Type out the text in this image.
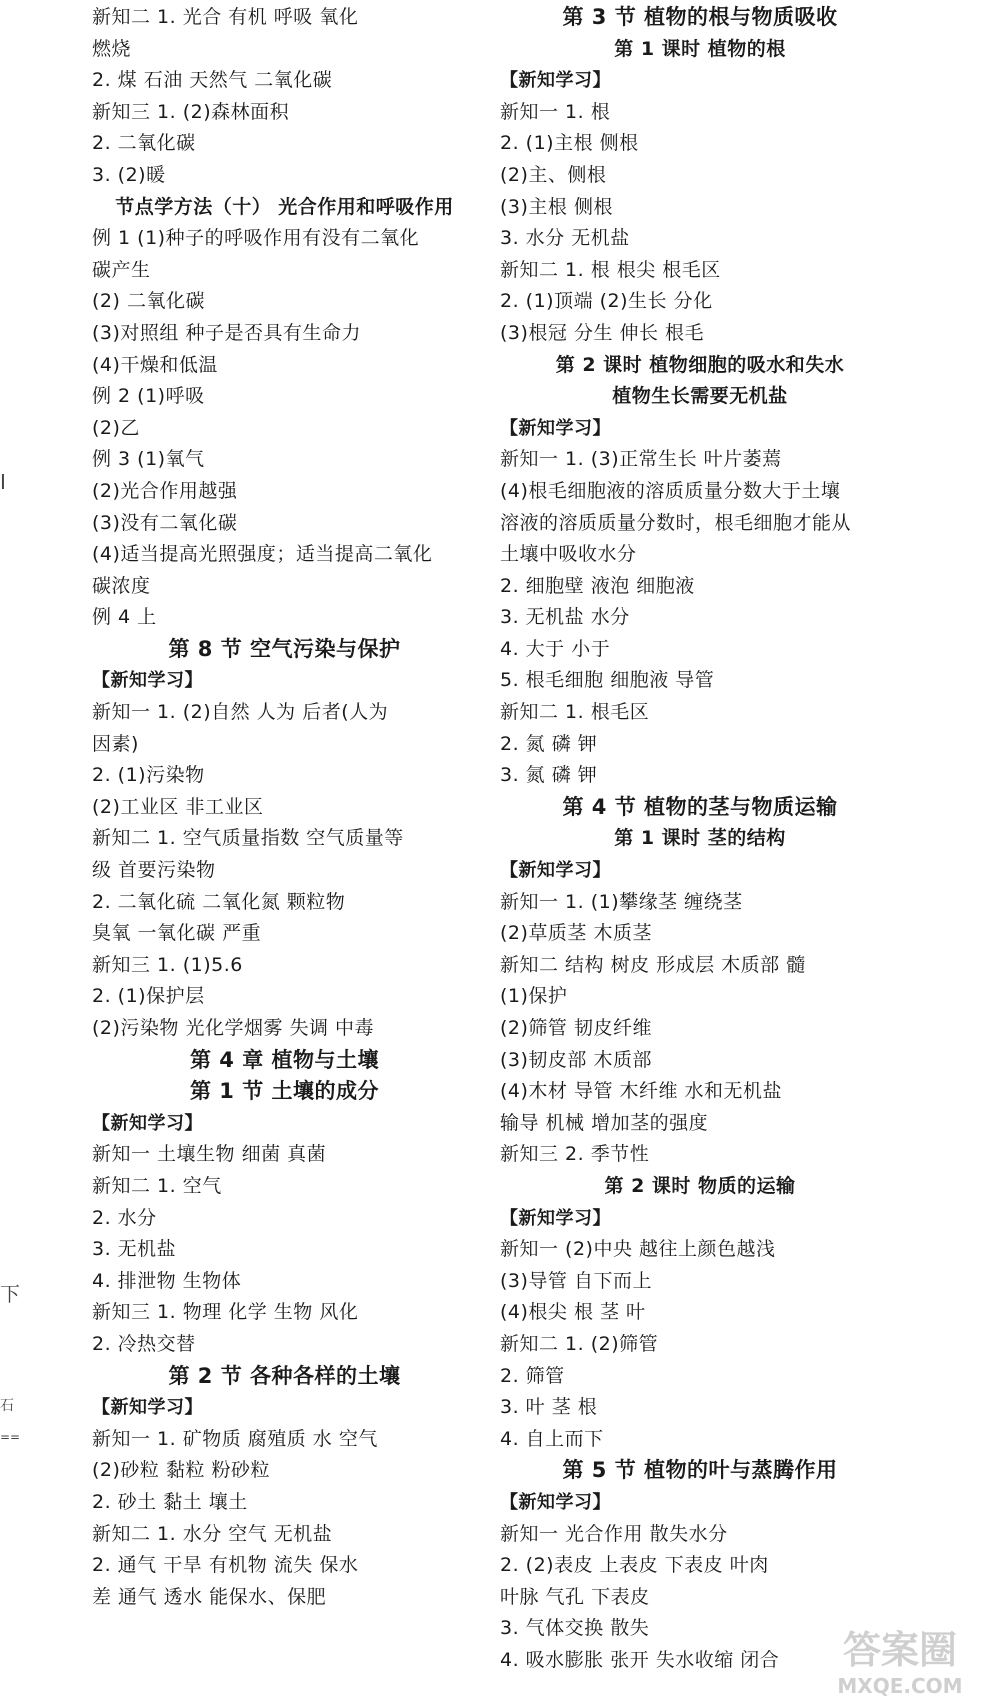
新知二 1. 光合 有机 呼吸 氧化
燃烧
2. 煤 石油 天然气 二氧化碳
新知三 1. (2)森林面积
2. 二氧化碳
3. (2)暖
节点学方法（十） 光合作用和呼吸作用
例 1 (1)种子的呼吸作用有没有二氧化
碳产生
(2) 二氧化碳
(3)对照组 种子是否具有生命力
(4)干燥和低温
例 2 (1)呼吸
(2)乙
例 3 (1)氧气
(2)光合作用越强
(3)没有二氧化碳
(4)适当提高光照强度；适当提高二氧化
碳浓度
例 4 上
第 8 节 空气污染与保护
【新知学习】
新知一 1. (2)自然 人为 后者(人为
因素)
2. (1)污染物
(2)工业区 非工业区
新知二 1. 空气质量指数 空气质量等
级 首要污染物
2. 二氧化硫 二氧化氮 颗粒物
臭氧 一氧化碳 严重
新知三 1. (1)5.6
2. (1)保护层
(2)污染物 光化学烟雾 失调 中毒
第 4 章 植物与土壤
第 1 节 土壤的成分
【新知学习】
新知一 土壤生物 细菌 真菌
新知二 1. 空气
2. 水分
3. 无机盐
4. 排泄物 生物体
新知三 1. 物理 化学 生物 风化
2. 冷热交替
第 2 节 各种各样的土壤
【新知学习】
新知一 1. 矿物质 腐殖质 水 空气
(2)砂粒 黏粒 粉砂粒
2. 砂土 黏土 壤土
新知二 1. 水分 空气 无机盐
2. 通气 干旱 有机物 流失 保水
差 通气 透水 能保水、保肥
第 3 节 植物的根与物质吸收
第 1 课时 植物的根
【新知学习】
新知一 1. 根
2. (1)主根 侧根
(2)主、侧根
(3)主根 侧根
3. 水分 无机盐
新知二 1. 根 根尖 根毛区
2. (1)顶端 (2)生长 分化
(3)根冠 分生 伸长 根毛
第 2 课时 植物细胞的吸水和失水
植物生长需要无机盐
【新知学习】
新知一 1. (3)正常生长 叶片萎蔫
(4)根毛细胞液的溶质质量分数大于土壤
溶液的溶质质量分数时，根毛细胞才能从
土壤中吸收水分
2. 细胞壁 液泡 细胞液
3. 无机盐 水分
4. 大于 小于
5. 根毛细胞 细胞液 导管
新知二 1. 根毛区
2. 氮 磷 钾
3. 氮 磷 钾
第 4 节 植物的茎与物质运输
第 1 课时 茎的结构
【新知学习】
新知一 1. (1)攀缘茎 缠绕茎
(2)草质茎 木质茎
新知二 结构 树皮 形成层 木质部 髓
(1)保护
(2)筛管 韧皮纤维
(3)韧皮部 木质部
(4)木材 导管 木纤维 水和无机盐
输导 机械 增加茎的强度
新知三 2. 季节性
第 2 课时 物质的运输
【新知学习】
新知一 (2)中央 越往上颜色越浅
(3)导管 自下而上
(4)根尖 根 茎 叶
新知二 1. (2)筛管
2. 筛管
3. 叶 茎 根
4. 自上而下
第 5 节 植物的叶与蒸腾作用
【新知学习】
新知一 光合作用 散失水分
2. (2)表皮 上表皮 下表皮 叶肉
叶脉 气孔 下表皮
3. 气体交换 散失
4. 吸水膨胀 张开 失水收缩 闭合
I
下
石
==
答案圈
MXQE.COM
